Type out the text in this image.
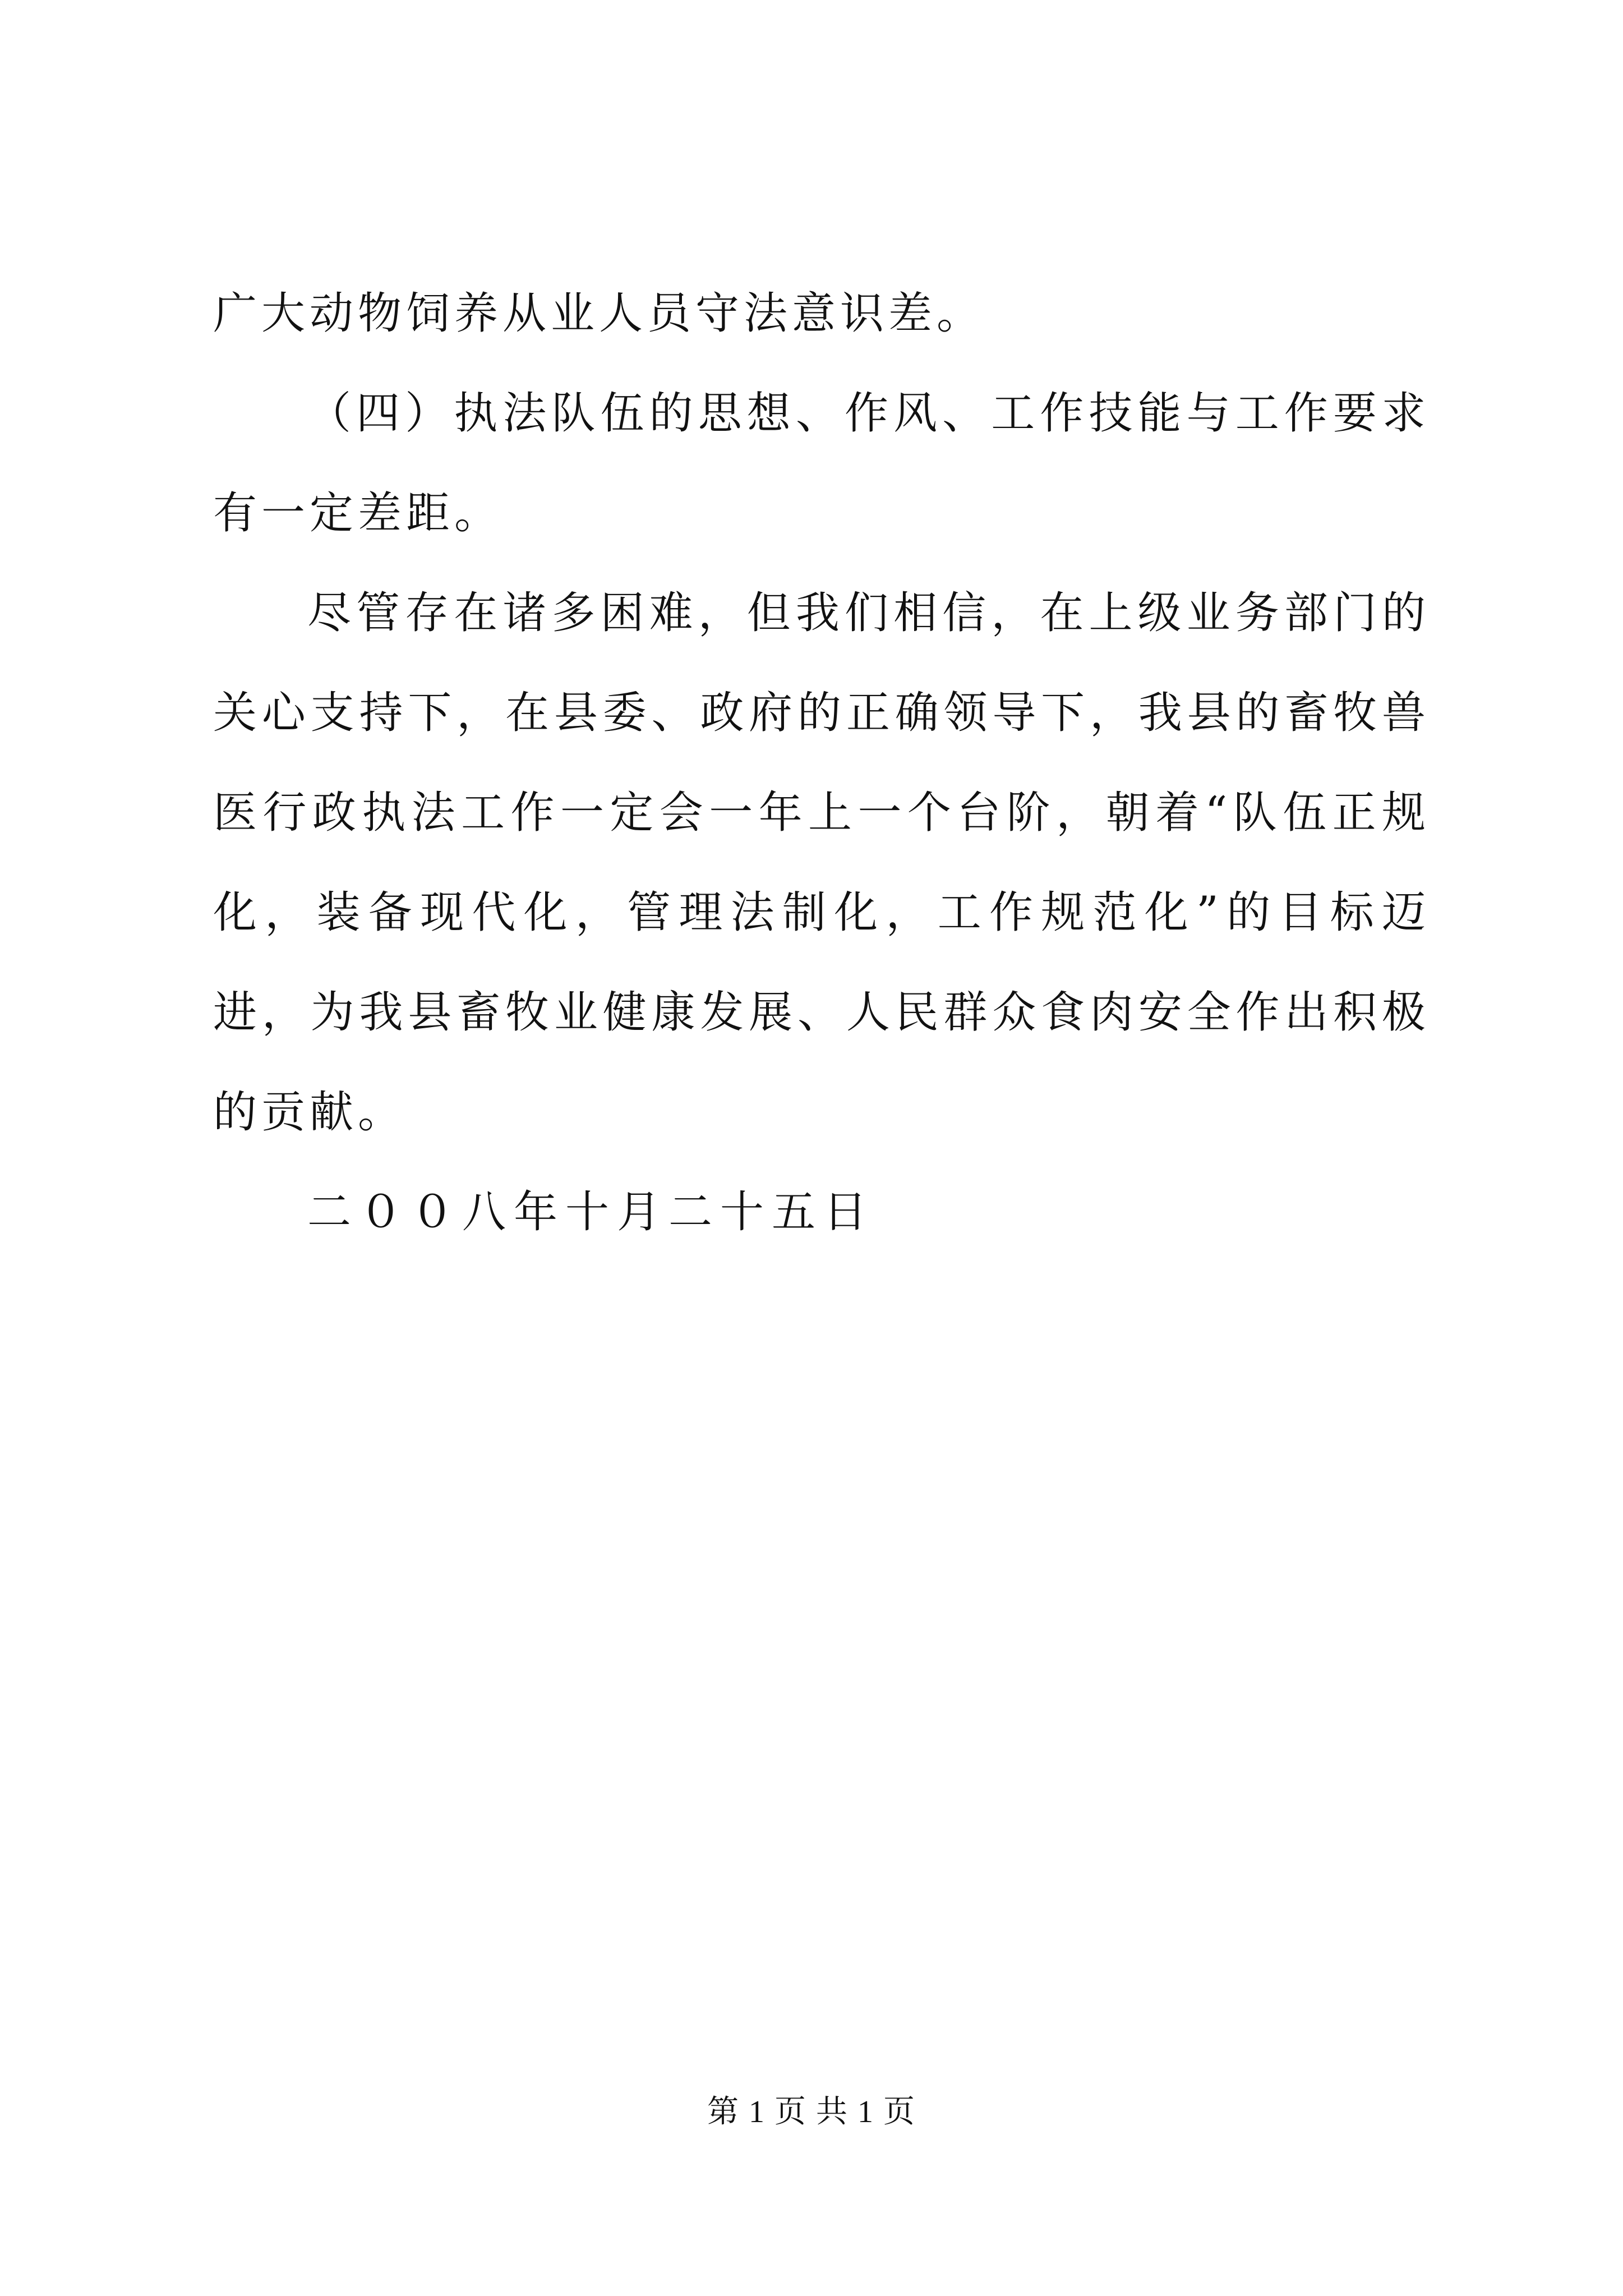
广大动物饲养从业人员守法意识差。

（四）执法队伍的思想、作风、工作技能与工作要求有一定差距。

尽管存在诸多困难，但我们相信，在上级业务部门的关心支持下，在县委、政府的正确领导下，我县的畜牧兽医行政执法工作一定会一年上一个台阶，朝着“队伍正规化，装备现代化，管理法制化，工作规范化”的目标迈进，为我县畜牧业健康发展、人民群众食肉安全作出积极的贡献。

二００八年十月二十五日

第 1 页 共 1 页
